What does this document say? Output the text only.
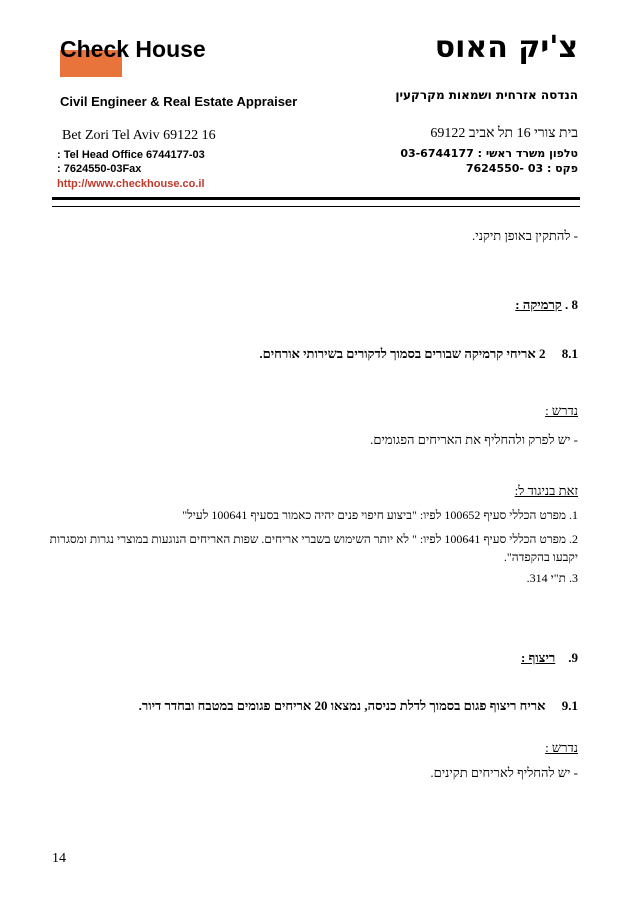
Check House	צ'יק האוס
Civil Engineer & Real Estate Appraiser	הנדסה אזרחית ושמאות מקרקעין
Bet Zori Tel Aviv 69122 16	בית צורי 16 תל אביב 69122
: Tel Head Office 6744177-03
: 7624550-03Fax
טלפון משרד ראשי : 03-6744177
פקס : 03 -7624550
http://www.checkhouse.co.il
- להתקין באופן תיקני.
8 . קרמיקה :
8.1     2 אריחי קרמיקה שבורים בסמוך לדקורים בשירותי אורחים.
נדרש :
- יש לפרק ולהחליף את האריחים הפגומים.
זאת בניגוד ל:
1. מפרט הכללי סעיף 100652 לפיו: "ביצוע חיפוי פנים יהיה כאמור בסעיף 100641 לעיל"
2. מפרט הכללי סעיף 100641 לפיו: " לא יותר השימוש בשברי אריחים. שפות האריחים הנוגעות במוצרי נגרות ומסגרות
יקבעו בהקפדה".
3. ת"י 314.
9.    ריצוף :
9.1     אריח ריצוף פגום בסמוך לדלת כניסה, נמצאו 20 אריחים פגומים במטבח ובחדר דיור.
נדרש :
- יש להחליף לאריחים תקינים.
14
